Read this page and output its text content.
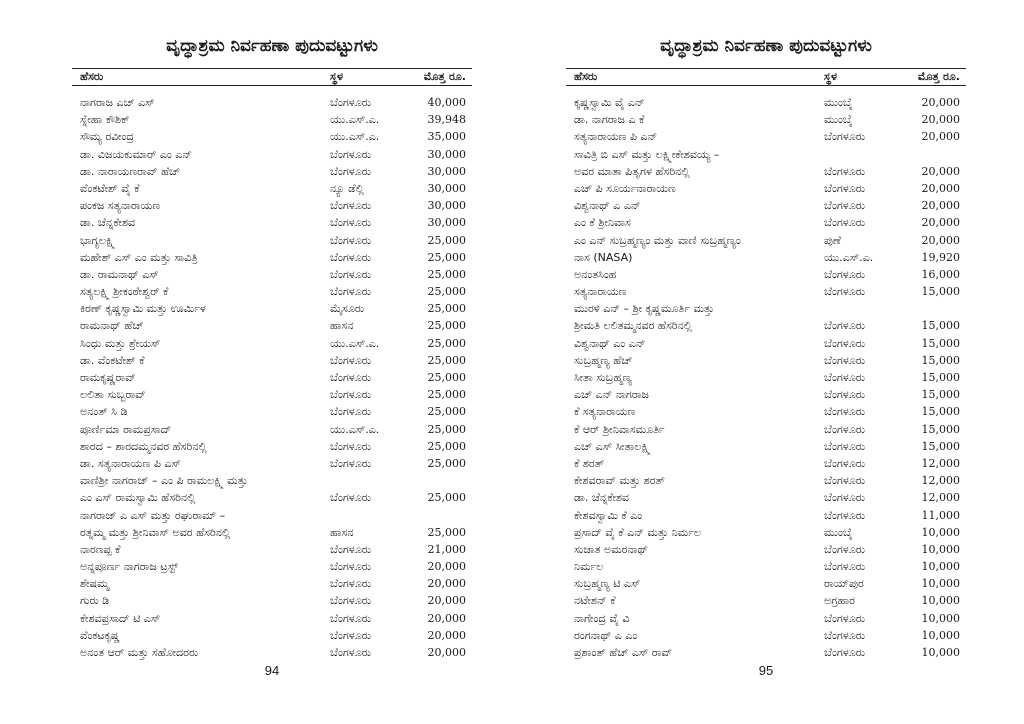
ವೃದ್ಧಾಶ್ರಮ ನಿರ್ವಹಣಾ ಪುದುವಟ್ಟುಗಳು
ಹೆಸರು	ಸ್ಥಳ	ಮೊತ್ತ ರೂ.
ನಾಗರಾಜ ಎಚ್ ಎಸ್	ಬೆಂಗಳೂರು	40,000
ಸ್ನೇಹಾ ಕೌಶಿಕ್	ಯು.ಎಸ್.ಎ.	39,948
ಸೌಮ್ಯ ರವೀಂದ್ರ	ಯು.ಎಸ್.ಎ.	35,000
ಡಾ. ವಿಜಯಕುಮಾರ್ ಎಂ ಎನ್	ಬೆಂಗಳೂರು	30,000
ಡಾ. ನಾರಾಯಣರಾವ್ ಹೆಚ್	ಬೆಂಗಳೂರು	30,000
ವೆಂಕಟೇಶ್ ವೈ ಕೆ	ನ್ಯೂ ಡೆಲ್ಲಿ	30,000
ಪಂಕಜ ಸತ್ಯನಾರಾಯಣ	ಬೆಂಗಳೂರು	30,000
ಡಾ. ಚೆನ್ನಕೇಶವ	ಬೆಂಗಳೂರು	30,000
ಭಾಗ್ಯಲಕ್ಷ್ಮಿ	ಬೆಂಗಳೂರು	25,000
ಮಹೇಶ್ ಎಸ್ ಎಂ ಮತ್ತು ಸಾವಿತ್ರಿ	ಬೆಂಗಳೂರು	25,000
ಡಾ. ರಾಮನಾಥ್ ಎಸ್	ಬೆಂಗಳೂರು	25,000
ಸತ್ಯಲಕ್ಷ್ಮಿ ಶ್ರೀಕಂಠೇಶ್ವರ್ ಕೆ	ಬೆಂಗಳೂರು	25,000
ಕಿರಣ್ ಕೃಷ್ಣಸ್ವಾಮಿ ಮತ್ತು ಊರ್ಮಿಳ	ಮೈಸೂರು	25,000
ರಾಮನಾಥ್ ಹೆಚ್	ಹಾಸನ	25,000
ಸಿಂಧು ಮತ್ತು ಶ್ರೇಯಸ್	ಯು.ಎಸ್.ಎ.	25,000
ಡಾ. ವೆಂಕಟೇಶ್ ಕೆ	ಬೆಂಗಳೂರು	25,000
ರಾಮಕೃಷ್ಣರಾವ್	ಬೆಂಗಳೂರು	25,000
ಲಲಿತಾ ಸುಬ್ಬರಾವ್	ಬೆಂಗಳೂರು	25,000
ಅನಂತ್ ಸಿ ಡಿ	ಬೆಂಗಳೂರು	25,000
ಪೂರ್ಣಿಮಾ ರಾಮಪ್ರಸಾದ್	ಯು.ಎಸ್.ಎ.	25,000
ಶಾರದ – ಶಾರದಮ್ಮನವರ ಹೆಸರಿನಲ್ಲಿ	ಬೆಂಗಳೂರು	25,000
ಡಾ. ಸತ್ಯನಾರಾಯಣ ಪಿ ಎಸ್	ಬೆಂಗಳೂರು	25,000
ವಾಣಿಶ್ರೀ ನಾಗರಾಜ್ – ಎಂ ಪಿ ರಾಮಲಕ್ಷ್ಮಿ ಮತ್ತು
ಎಂ ಎಸ್ ರಾಮಸ್ವಾಮಿ ಹೆಸರಿನಲ್ಲಿ	ಬೆಂಗಳೂರು	25,000
ನಾಗರಾಜ್ ಎ ಎಸ್ ಮತ್ತು ರಘುರಾಮ್ –
ರತ್ನಮ್ಮ ಮತ್ತು ಶ್ರೀನಿವಾಸ್ ಅವರ ಹೆಸರಿನಲ್ಲಿ	ಹಾಸನ	25,000
ನಾರಣಪ್ಪ ಕೆ	ಬೆಂಗಳೂರು	21,000
ಅನ್ನಪೂರ್ಣ ನಾಗರಾಜ ಟ್ರಸ್ಟ್	ಬೆಂಗಳೂರು	20,000
ಶೇಷಮ್ಮ	ಬೆಂಗಳೂರು	20,000
ಗುರು ಡಿ	ಬೆಂಗಳೂರು	20,000
ಕೇಶವಪ್ರಸಾದ್ ಟಿ ಎಸ್	ಬೆಂಗಳೂರು	20,000
ವೆಂಕಟಕೃಷ್ಣ	ಬೆಂಗಳೂರು	20,000
ಅನಂತ ಆರ್ ಮತ್ತು ಸಹೋದರರು	ಬೆಂಗಳೂರು	20,000

94

ವೃದ್ಧಾಶ್ರಮ ನಿರ್ವಹಣಾ ಪುದುವಟ್ಟುಗಳು
ಹೆಸರು	ಸ್ಥಳ	ಮೊತ್ತ ರೂ.
ಕೃಷ್ಣಸ್ವಾಮಿ ವೈ ಎನ್	ಮುಂಬೈ	20,000
ಡಾ. ನಾಗರಾಜ ಎ ಕೆ	ಮುಂಬೈ	20,000
ಸತ್ಯನಾರಾಯಣ ಪಿ ಎನ್	ಬೆಂಗಳೂರು	20,000
ಸಾವಿತ್ರಿ ಬಿ ಎಸ್ ಮತ್ತು ಲಕ್ಷ್ಮೀಕೇಶವಯ್ಯ –
ಅವರ ಮಾತಾ ಪಿತೃಗಳ ಹೆಸರಿನಲ್ಲಿ	ಬೆಂಗಳೂರು	20,000
ಎಚ್ ಪಿ ಸೂರ್ಯನಾರಾಯಣ	ಬೆಂಗಳೂರು	20,000
ವಿಶ್ವನಾಥ್ ಎ ಎನ್	ಬೆಂಗಳೂರು	20,000
ಎಂ ಕೆ ಶ್ರೀನಿವಾಸ	ಬೆಂಗಳೂರು	20,000
ಎಂ ಎನ್ ಸುಬ್ರಹ್ಮಣ್ಯಂ ಮತ್ತು ವಾಣಿ ಸುಬ್ರಹ್ಮಣ್ಯಂ	ಪುಣೆ	20,000
ನಾಸ (NASA)	ಯು.ಎಸ್.ಎ.	19,920
ಅನಂತಸಿಂಹ	ಬೆಂಗಳೂರು	16,000
ಸತ್ಯನಾರಾಯಣ	ಬೆಂಗಳೂರು	15,000
ಮುರಳಿ ಎನ್ – ಶ್ರೀ ಕೃಷ್ಣಮೂರ್ತಿ ಮತ್ತು
ಶ್ರೀಮತಿ ಲಲಿತಮ್ಮನವರ ಹೆಸರಿನಲ್ಲಿ	ಬೆಂಗಳೂರು	15,000
ವಿಶ್ವನಾಥ್ ಎಂ ಎನ್	ಬೆಂಗಳೂರು	15,000
ಸುಬ್ರಹ್ಮಣ್ಯ ಹೆಚ್	ಬೆಂಗಳೂರು	15,000
ಸೀತಾ ಸುಬ್ರಹ್ಮಣ್ಯ	ಬೆಂಗಳೂರು	15,000
ಎಚ್ ಎನ್ ನಾಗರಾಜ	ಬೆಂಗಳೂರು	15,000
ಕೆ ಸತ್ಯನಾರಾಯಣ	ಬೆಂಗಳೂರು	15,000
ಕೆ ಆರ್ ಶ್ರೀನಿವಾಸಮೂರ್ತಿ	ಬೆಂಗಳೂರು	15,000
ಎಚ್ ಎಸ್ ಸೀತಾಲಕ್ಷ್ಮಿ	ಬೆಂಗಳೂರು	15,000
ಕೆ ಶರತ್	ಬೆಂಗಳೂರು	12,000
ಕೇಶವರಾವ್ ಮತ್ತು ಶರತ್	ಬೆಂಗಳೂರು	12,000
ಡಾ. ಚೆನ್ನಕೇಶವ	ಬೆಂಗಳೂರು	12,000
ಕೇಶವಸ್ವಾಮಿ ಕೆ ಎಂ	ಬೆಂಗಳೂರು	11,000
ಪ್ರಸಾದ್ ವೈ ಕೆ ಎನ್ ಮತ್ತು ನಿರ್ಮಲ	ಮುಂಬೈ	10,000
ಸುಜಾತ ಅಮರನಾಥ್	ಬೆಂಗಳೂರು	10,000
ನಿರ್ಮಲ	ಬೆಂಗಳೂರು	10,000
ಸುಬ್ರಹ್ಮಣ್ಯ ಟಿ ಎಸ್	ರಾಯ್‌ಪುರ	10,000
ನಟೇಶನ್ ಕೆ	ಅಗ್ರಹಾರ	10,000
ನಾಗೇಂದ್ರ ವೈ ವಿ	ಬೆಂಗಳೂರು	10,000
ರಂಗನಾಥ್ ಎ ಎಂ	ಬೆಂಗಳೂರು	10,000
ಪ್ರಶಾಂತ್ ಹೆಚ್ ಎಸ್ ರಾವ್	ಬೆಂಗಳೂರು	10,000

95
